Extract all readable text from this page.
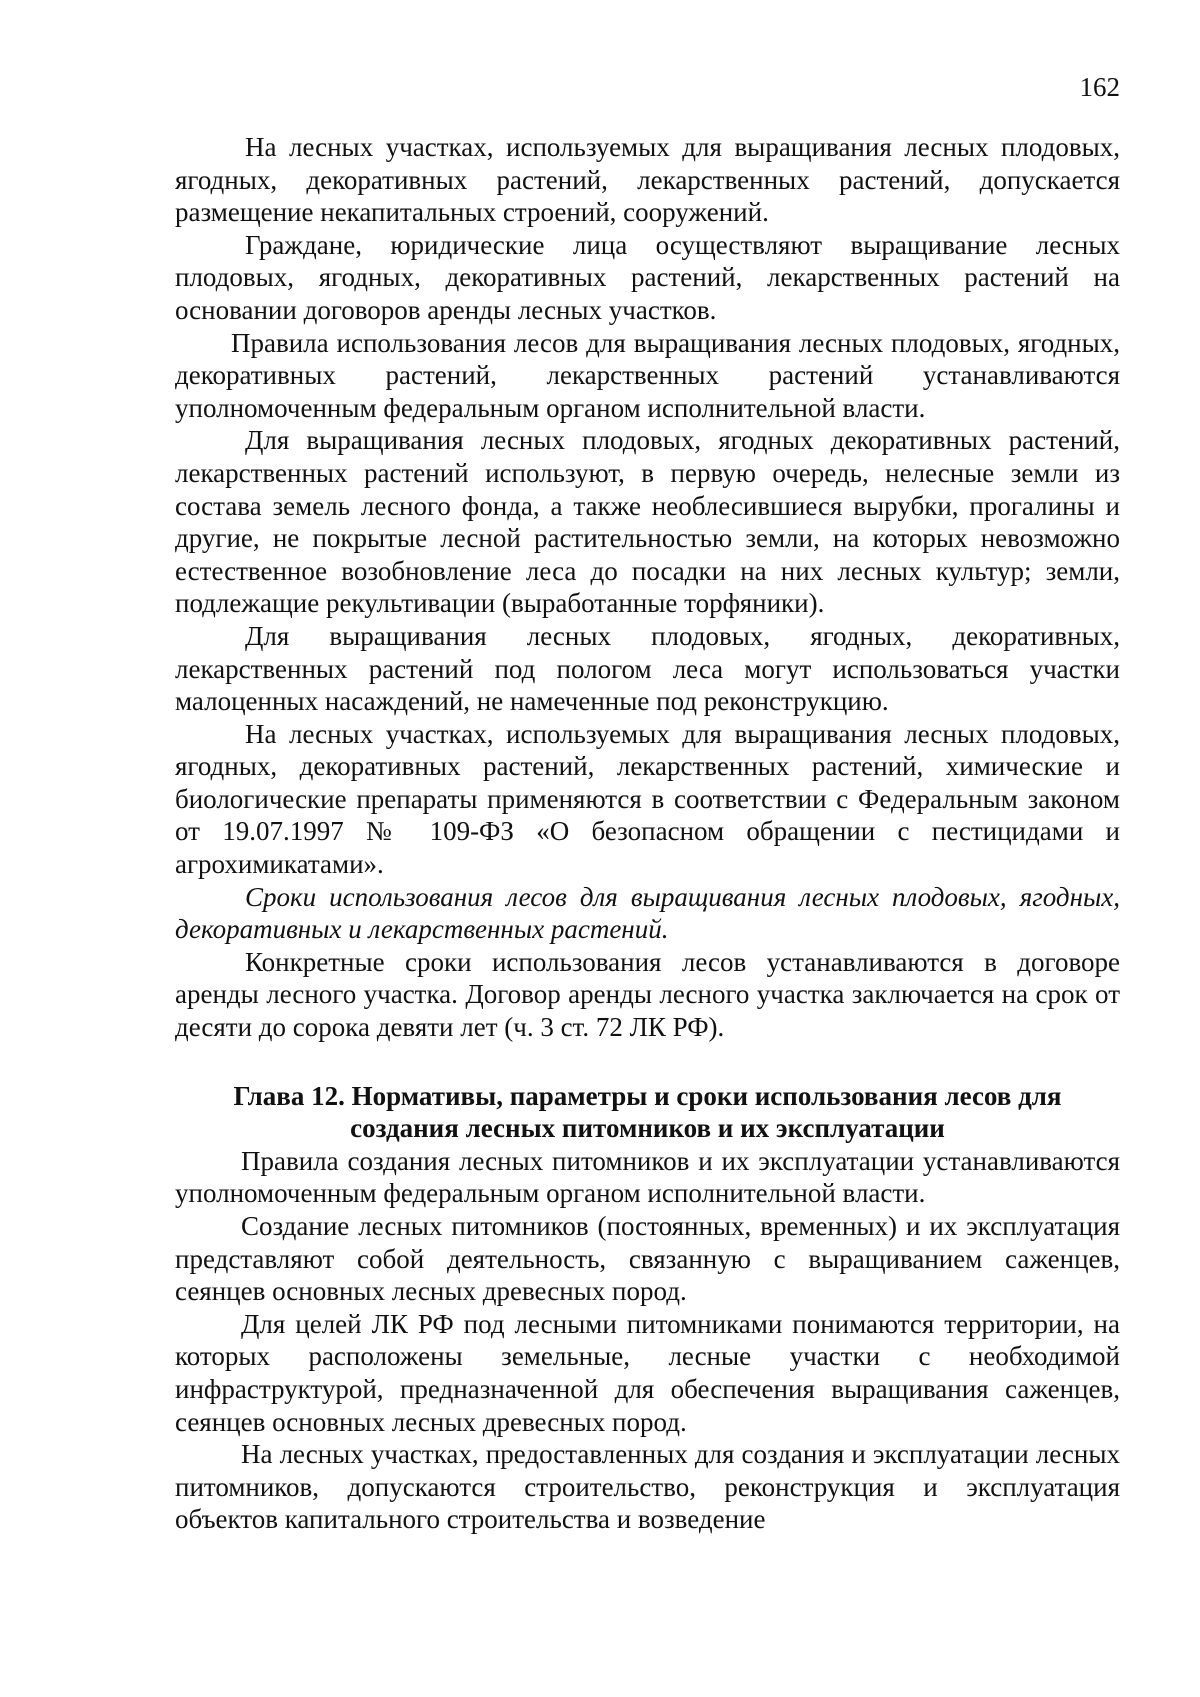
162

На лесных участках, используемых для выращивания лесных плодовых, ягодных, декоративных растений, лекарственных растений, допускается размещение некапитальных строений, сооружений.

Граждане, юридические лица осуществляют выращивание лесных плодовых, ягодных, декоративных растений, лекарственных растений на основании договоров аренды лесных участков.

Правила использования лесов для выращивания лесных плодовых, ягодных, декоративных растений, лекарственных растений устанавливаются уполномоченным федеральным органом исполнительной власти.

Для выращивания лесных плодовых, ягодных декоративных растений, лекарственных растений используют, в первую очередь, нелесные земли из состава земель лесного фонда, а также необлесившиеся вырубки, прогалины и другие, не покрытые лесной растительностью земли, на которых невозможно естественное возобновление леса до посадки на них лесных культур; земли, подлежащие рекультивации (выработанные торфяники).

Для выращивания лесных плодовых, ягодных, декоративных, лекарственных растений под пологом леса могут использоваться участки малоценных насаждений, не намеченные под реконструкцию.

На лесных участках, используемых для выращивания лесных плодовых, ягодных, декоративных растений, лекарственных растений, химические и биологические препараты применяются в соответствии с Федеральным законом от 19.07.1997 № 109-ФЗ «О безопасном обращении с пестицидами и агрохимикатами».

Сроки использования лесов для выращивания лесных плодовых, ягодных, декоративных и лекарственных растений.

Конкретные сроки использования лесов устанавливаются в договоре аренды лесного участка. Договор аренды лесного участка заключается на срок от десяти до сорока девяти лет (ч. 3 ст. 72 ЛК РФ).

Глава 12. Нормативы, параметры и сроки использования лесов для
создания лесных питомников и их эксплуатации

Правила создания лесных питомников и их эксплуатации устанавливаются уполномоченным федеральным органом исполнительной власти.

Создание лесных питомников (постоянных, временных) и их эксплуатация представляют собой деятельность, связанную с выращиванием саженцев, сеянцев основных лесных древесных пород.

Для целей ЛК РФ под лесными питомниками понимаются территории, на которых расположены земельные, лесные участки с необходимой инфраструктурой, предназначенной для обеспечения выращивания саженцев, сеянцев основных лесных древесных пород.

На лесных участках, предоставленных для создания и эксплуатации лесных питомников, допускаются строительство, реконструкция и эксплуатация объектов капитального строительства и возведение
